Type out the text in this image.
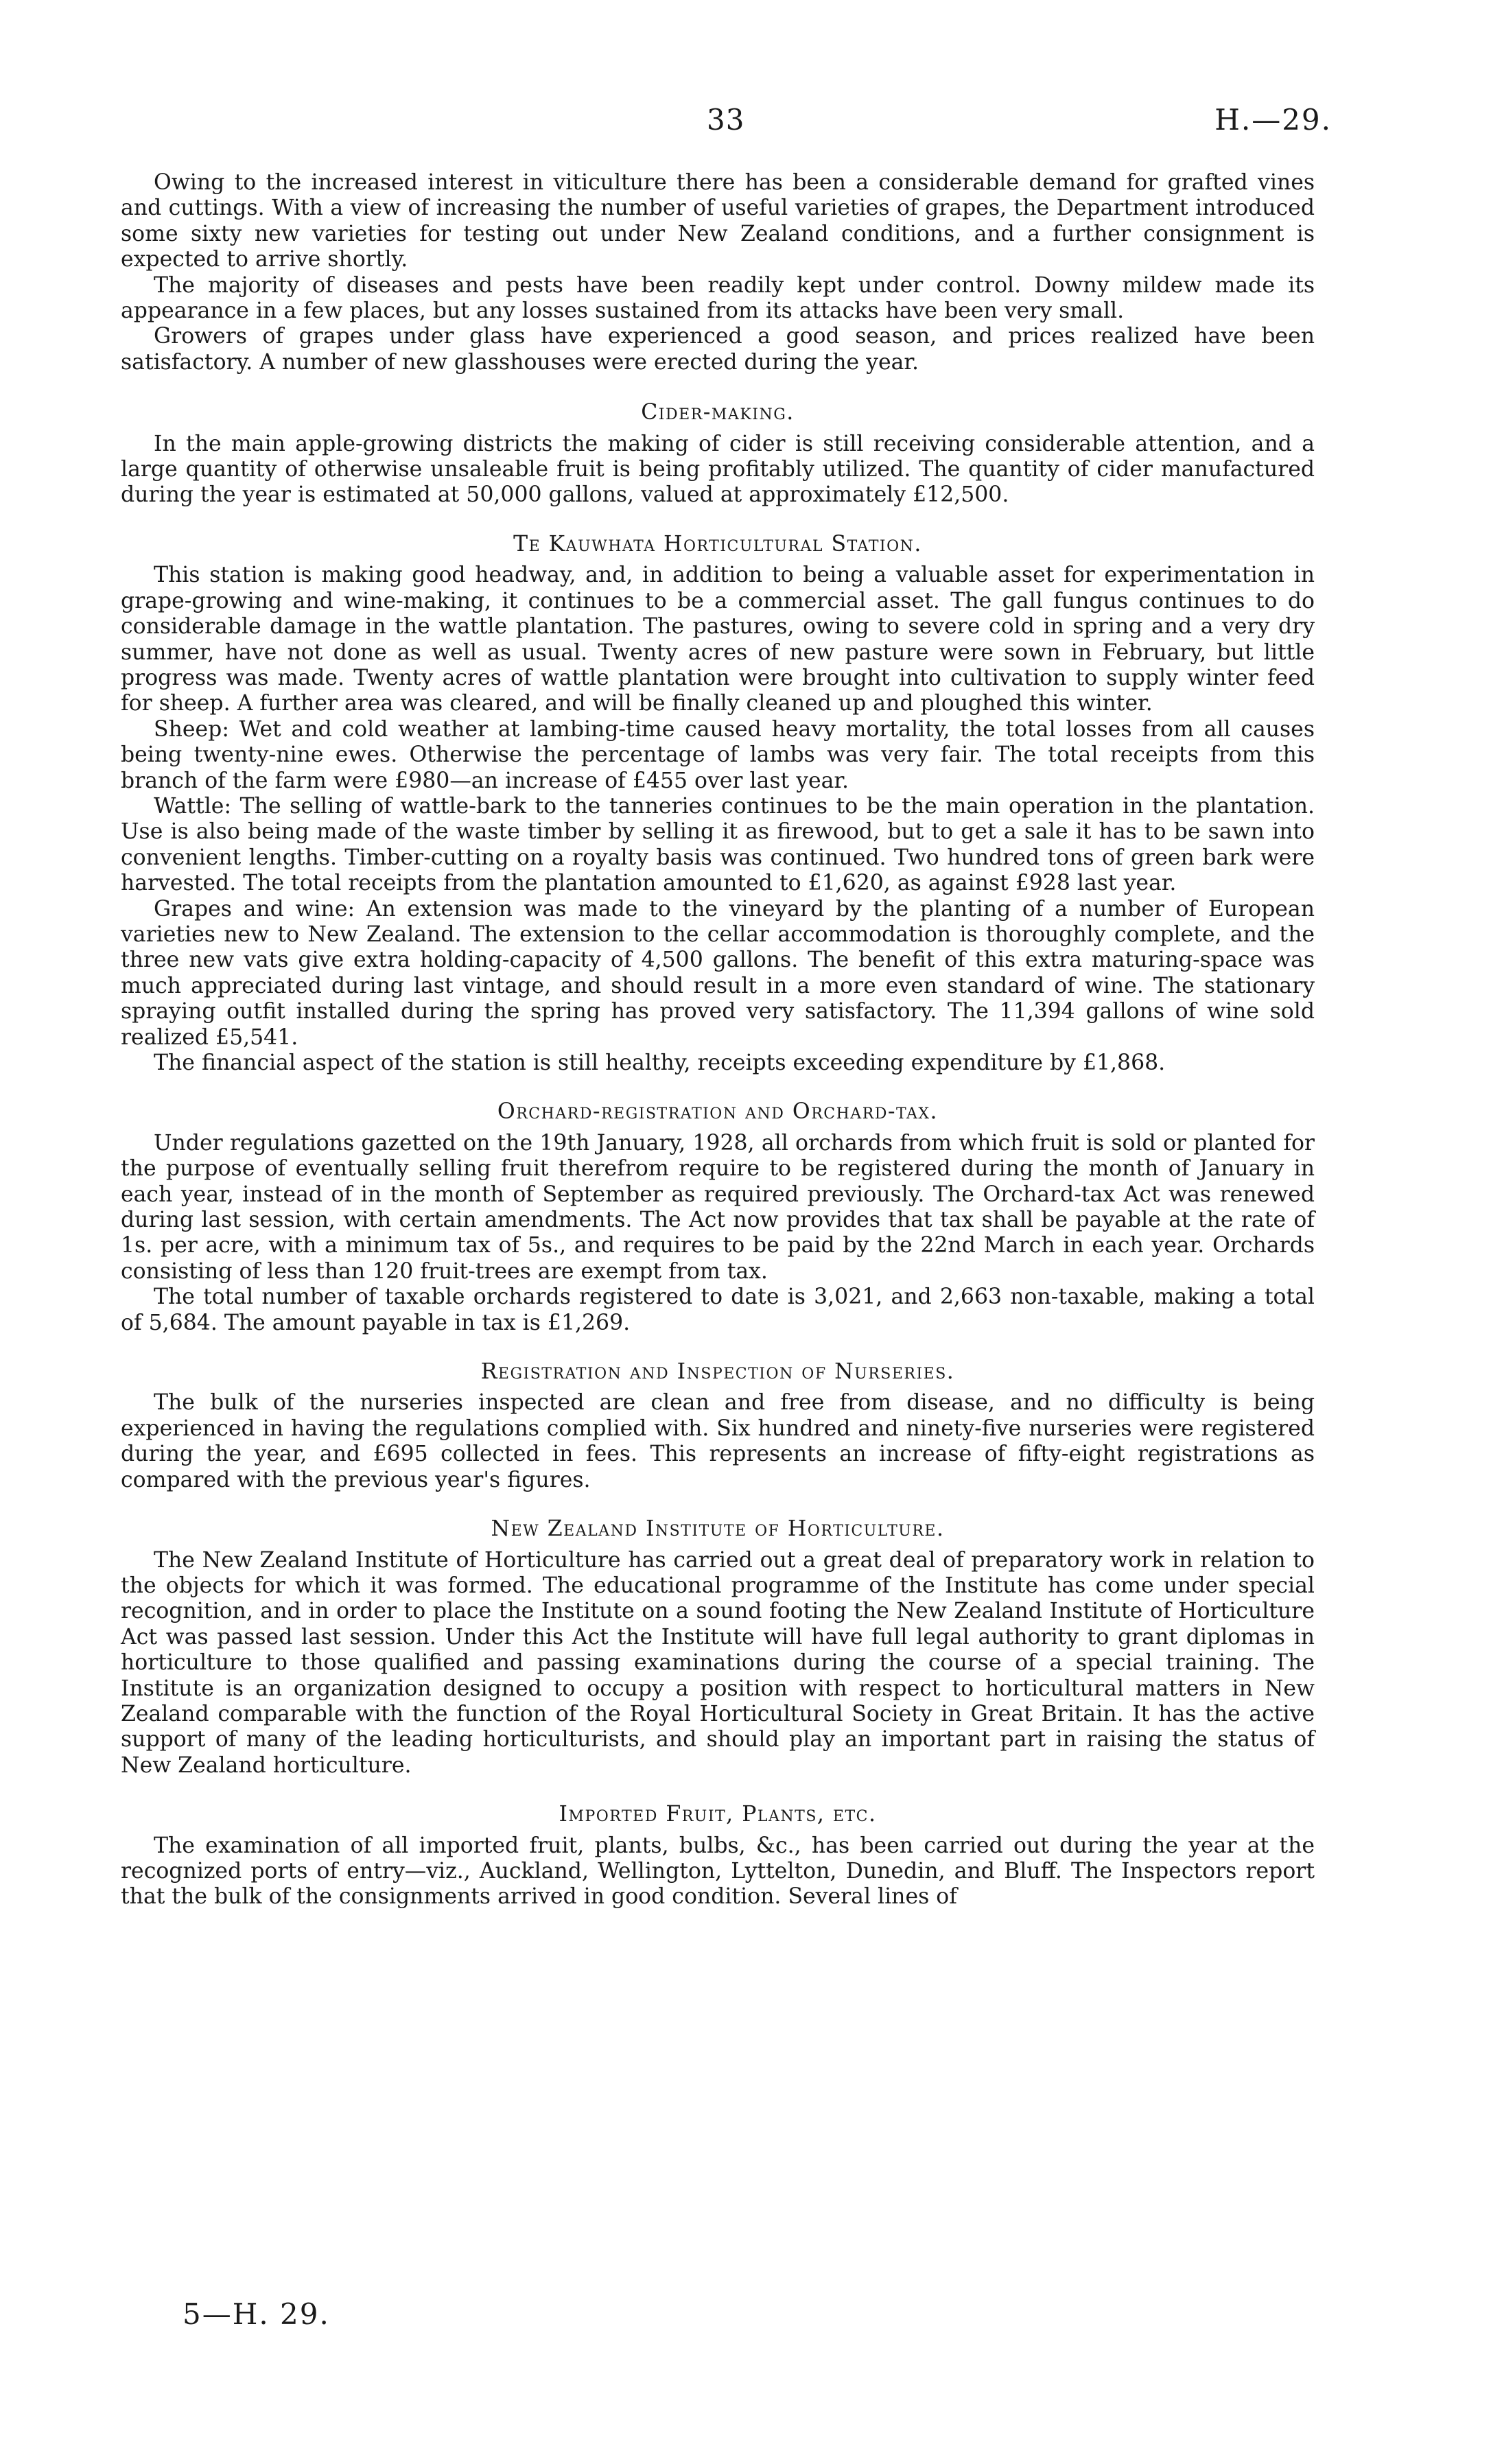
33	H.—29.

Owing to the increased interest in viticulture there has been a considerable demand for grafted vines and cuttings. With a view of increasing the number of useful varieties of grapes, the Department introduced some sixty new varieties for testing out under New Zealand conditions, and a further consignment is expected to arrive shortly.

The majority of diseases and pests have been readily kept under control. Downy mildew made its appearance in a few places, but any losses sustained from its attacks have been very small.

Growers of grapes under glass have experienced a good season, and prices realized have been satisfactory. A number of new glasshouses were erected during the year.

Cider-making.

In the main apple-growing districts the making of cider is still receiving considerable attention, and a large quantity of otherwise unsaleable fruit is being profitably utilized. The quantity of cider manufactured during the year is estimated at 50,000 gallons, valued at approximately £12,500.

Te Kauwhata Horticultural Station.

This station is making good headway, and, in addition to being a valuable asset for experimentation in grape-growing and wine-making, it continues to be a commercial asset. The gall fungus continues to do considerable damage in the wattle plantation. The pastures, owing to severe cold in spring and a very dry summer, have not done as well as usual. Twenty acres of new pasture were sown in February, but little progress was made. Twenty acres of wattle plantation were brought into cultivation to supply winter feed for sheep. A further area was cleared, and will be finally cleaned up and ploughed this winter.

Sheep: Wet and cold weather at lambing-time caused heavy mortality, the total losses from all causes being twenty-nine ewes. Otherwise the percentage of lambs was very fair. The total receipts from this branch of the farm were £980—an increase of £455 over last year.

Wattle: The selling of wattle-bark to the tanneries continues to be the main operation in the plantation. Use is also being made of the waste timber by selling it as firewood, but to get a sale it has to be sawn into convenient lengths. Timber-cutting on a royalty basis was continued. Two hundred tons of green bark were harvested. The total receipts from the plantation amounted to £1,620, as against £928 last year.

Grapes and wine: An extension was made to the vineyard by the planting of a number of European varieties new to New Zealand. The extension to the cellar accommodation is thoroughly complete, and the three new vats give extra holding-capacity of 4,500 gallons. The benefit of this extra maturing-space was much appreciated during last vintage, and should result in a more even standard of wine. The stationary spraying outfit installed during the spring has proved very satisfactory. The 11,394 gallons of wine sold realized £5,541.

The financial aspect of the station is still healthy, receipts exceeding expenditure by £1,868.

Orchard-registration and Orchard-tax.

Under regulations gazetted on the 19th January, 1928, all orchards from which fruit is sold or planted for the purpose of eventually selling fruit therefrom require to be registered during the month of January in each year, instead of in the month of September as required previously. The Orchard-tax Act was renewed during last session, with certain amendments. The Act now provides that tax shall be payable at the rate of 1s. per acre, with a minimum tax of 5s., and requires to be paid by the 22nd March in each year. Orchards consisting of less than 120 fruit-trees are exempt from tax.

The total number of taxable orchards registered to date is 3,021, and 2,663 non-taxable, making a total of 5,684. The amount payable in tax is £1,269.

Registration and Inspection of Nurseries.

The bulk of the nurseries inspected are clean and free from disease, and no difficulty is being experienced in having the regulations complied with. Six hundred and ninety-five nurseries were registered during the year, and £695 collected in fees. This represents an increase of fifty-eight registrations as compared with the previous year's figures.

New Zealand Institute of Horticulture.

The New Zealand Institute of Horticulture has carried out a great deal of preparatory work in relation to the objects for which it was formed. The educational programme of the Institute has come under special recognition, and in order to place the Institute on a sound footing the New Zealand Institute of Horticulture Act was passed last session. Under this Act the Institute will have full legal authority to grant diplomas in horticulture to those qualified and passing examinations during the course of a special training. The Institute is an organization designed to occupy a position with respect to horticultural matters in New Zealand comparable with the function of the Royal Horticultural Society in Great Britain. It has the active support of many of the leading horticulturists, and should play an important part in raising the status of New Zealand horticulture.

Imported Fruit, Plants, etc.

The examination of all imported fruit, plants, bulbs, &c., has been carried out during the year at the recognized ports of entry—viz., Auckland, Wellington, Lyttelton, Dunedin, and Bluff. The Inspectors report that the bulk of the consignments arrived in good condition. Several lines of

5—H. 29.
